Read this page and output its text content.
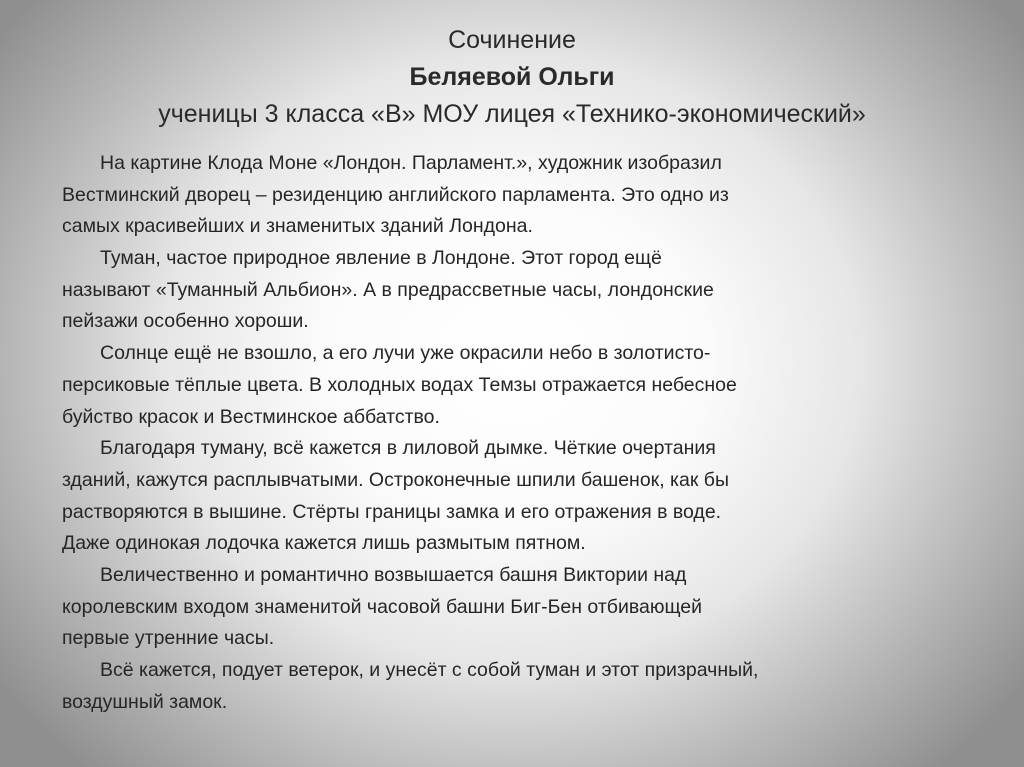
Сочинение
Беляевой Ольги
ученицы 3 класса «В» МОУ лицея «Технико-экономический»
На картине Клода Моне «Лондон. Парламент.», художник изобразил
Вестминский дворец – резиденцию английского парламента. Это одно из
самых красивейших и знаменитых зданий Лондона.
Туман, частое природное явление в Лондоне. Этот город ещё
называют «Туманный Альбион». А в предрассветные часы, лондонские
пейзажи особенно хороши.
Солнце ещё не взошло, а его лучи уже окрасили небо в золотисто-
персиковые тёплые цвета. В холодных водах Темзы отражается небесное
буйство красок и Вестминское аббатство.
Благодаря туману, всё кажется в лиловой дымке. Чёткие очертания
зданий, кажутся расплывчатыми. Остроконечные шпили башенок, как бы
растворяются в вышине. Стёрты границы замка и его отражения в воде.
Даже одинокая лодочка кажется лишь размытым пятном.
Величественно и романтично возвышается башня Виктории над
королевским входом знаменитой часовой башни Биг-Бен отбивающей
первые утренние часы.
Всё кажется, подует ветерок, и унесёт с собой туман и этот призрачный,
воздушный замок.
